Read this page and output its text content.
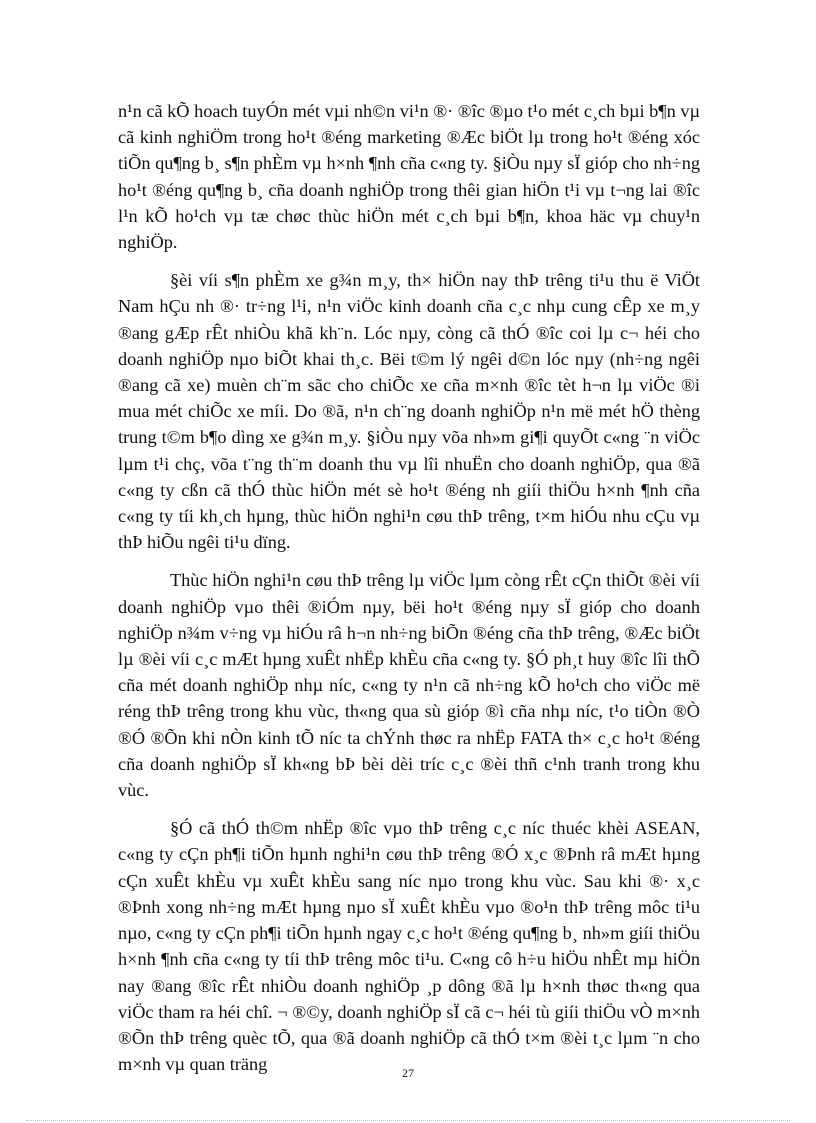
n¹n cã kÕ hoach tuyÓn mét vµi nh©n vi¹n ®· ®îc ®µo t¹o mét c¸ch bµi b¶n vµ cã kinh nghiÖm trong ho¹t ®éng marketing ®Æc biÖt lµ trong ho¹t ®éng xóc tiÕn qu¶ng b¸ s¶n phÈm vµ h×nh ¶nh cña c«ng ty. §iÒu nµy sÏ gióp cho nh÷ng ho¹t ®éng qu¶ng b¸ cña doanh nghiÖp trong thêi gian hiÖn t¹i vµ t¬ng lai ®îc l¹n kÕ ho¹ch vµ tæ chøc thùc hiÖn mét c¸ch bµi b¶n, khoa häc vµ chuy¹n nghiÖp.

§èi víi s¶n phÈm xe g¾n m¸y, th× hiÖn nay thÞ trêng ti¹u thu ë ViÖt Nam hÇu nh ®· tr÷ng l¹i, n¹n viÖc kinh doanh cña c¸c nhµ cung cÊp xe m¸y ®ang gÆp rÊt nhiÒu khã kh¨n. Lóc nµy, còng cã thÓ ®îc coi lµ c¬ héi cho doanh nghiÖp nµo biÕt khai th¸c. Bëi t©m lý ngêi d©n lóc nµy (nh÷ng ngêi ®ang cã xe) muèn ch¨m sãc cho chiÕc xe cña m×nh ®îc tèt h¬n lµ viÖc ®i mua mét chiÕc xe míi. Do ®ã, n¹n ch¨ng doanh nghiÖp n¹n më mét hÖ thèng trung t©m b¶o dìng xe g¾n m¸y. §iÒu nµy võa nh»m gi¶i quyÕt c«ng ¨n viÖc lµm t¹i chç, võa t¨ng th¨m doanh thu vµ lîi nhuËn cho doanh nghiÖp, qua ®ã c«ng ty cßn cã thÓ thùc hiÖn mét sè ho¹t ®éng nh giíi thiÖu h×nh ¶nh cña c«ng ty tíi kh¸ch hµng, thùc hiÖn nghi¹n cøu thÞ trêng, t×m hiÓu nhu cÇu vµ thÞ hiÕu ngêi ti¹u dïng.

Thùc hiÖn nghi¹n cøu thÞ trêng lµ viÖc lµm còng rÊt cÇn thiÕt ®èi víi doanh nghiÖp vµo thêi ®iÓm nµy, bëi ho¹t ®éng nµy sÏ gióp cho doanh nghiÖp n¾m v÷ng vµ hiÓu râ h¬n nh÷ng biÕn ®éng cña thÞ trêng, ®Æc biÖt lµ ®èi víi c¸c mÆt hµng xuÊt nhËp khÈu cña c«ng ty. §Ó ph¸t huy ®îc lîi thÕ cña mét doanh nghiÖp nhµ níc, c«ng ty n¹n cã nh÷ng kÕ ho¹ch cho viÖc më réng thÞ trêng trong khu vùc, th«ng qua sù gióp ®ì cña nhµ níc, t¹o tiÒn ®Ò ®Ó ®Õn khi nÒn kinh tÕ níc ta chÝnh thøc ra nhËp FATA th× c¸c ho¹t ®éng cña doanh nghiÖp sÏ kh«ng bÞ bèi dèi tríc c¸c ®èi thñ c¹nh tranh trong khu vùc.

§Ó cã thÓ th©m nhËp ®îc vµo thÞ trêng c¸c níc thuéc khèi ASEAN, c«ng ty cÇn ph¶i tiÕn hµnh nghi¹n cøu thÞ trêng ®Ó x¸c ®Þnh râ mÆt hµng cÇn xuÊt khÈu vµ xuÊt khÈu sang níc nµo trong khu vùc. Sau khi ®· x¸c ®Þnh xong nh÷ng mÆt hµng nµo sÏ xuÊt khÈu vµo ®o¹n thÞ trêng môc ti¹u nµo, c«ng ty cÇn ph¶i tiÕn hµnh ngay c¸c ho¹t ®éng qu¶ng b¸ nh»m giíi thiÖu h×nh ¶nh cña c«ng ty tíi thÞ trêng môc ti¹u. C«ng cô h÷u hiÖu nhÊt mµ hiÖn nay ®ang ®îc rÊt nhiÒu doanh nghiÖp ¸p dông ®ã lµ h×nh thøc th«ng qua viÖc tham ra héi chî. ¬ ®©y, doanh nghiÖp sÏ cã c¬ héi tù giíi thiÖu vÒ m×nh ®Õn thÞ trêng quèc tÕ, qua ®ã doanh nghiÖp cã thÓ t×m ®èi t¸c lµm ¨n cho m×nh vµ quan träng	27
